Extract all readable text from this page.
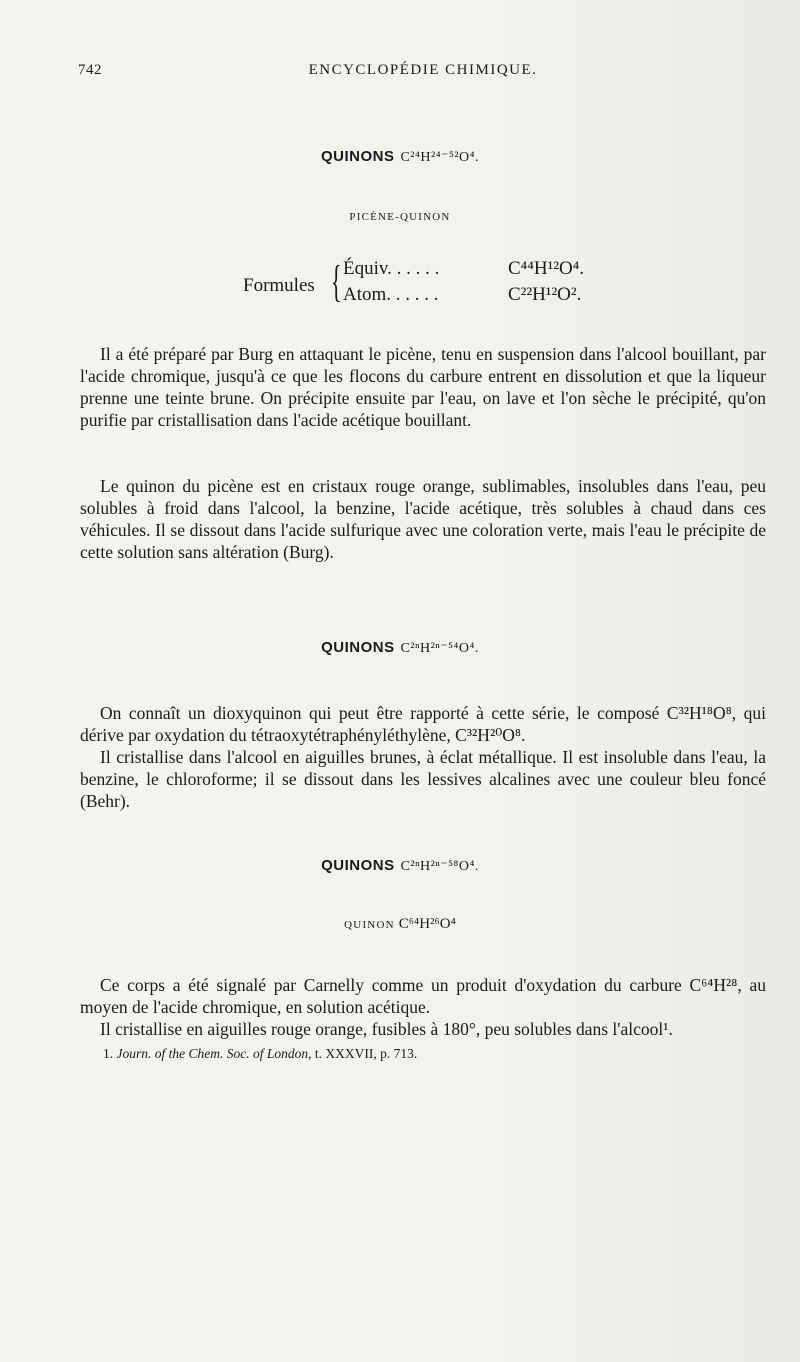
742	ENCYCLOPÉDIE CHIMIQUE.
QUINONS C²⁴H²⁴⁻⁵²O⁴.
PICÈNE-QUINON
Formules { Équiv. . . . . .	C⁴⁴H¹²O⁴.
Atom. . . . . .	C²²H¹²O².

Il a été préparé par Burg en attaquant le picène, tenu en suspension dans l'alcool bouillant, par l'acide chromique, jusqu'à ce que les flocons du carbure entrent en dissolution et que la liqueur prenne une teinte brune. On précipite ensuite par l'eau, on lave et l'on sèche le précipité, qu'on purifie par cristallisation dans l'acide acétique bouillant.

Le quinon du picène est en cristaux rouge orange, sublimables, insolubles dans l'eau, peu solubles à froid dans l'alcool, la benzine, l'acide acétique, très solubles à chaud dans ces véhicules. Il se dissout dans l'acide sulfurique avec une coloration verte, mais l'eau le précipite de cette solution sans altération (Burg).

QUINONS C²ⁿH²ⁿ⁻⁵⁴O⁴.

On connaît un dioxyquinon qui peut être rapporté à cette série, le composé C³²H¹⁸O⁸, qui dérive par oxydation du tétraoxytétraphényléthylène, C³²H²⁰O⁸.

Il cristallise dans l'alcool en aiguilles brunes, à éclat métallique. Il est insoluble dans l'eau, la benzine, le chloroforme; il se dissout dans les lessives alcalines avec une couleur bleu foncé (Behr).

QUINONS C²ⁿH²ⁿ⁻⁵⁸O⁴.
QUINON C⁶⁴H²⁶O⁴

Ce corps a été signalé par Carnelly comme un produit d'oxydation du carbure C⁶⁴H²⁸, au moyen de l'acide chromique, en solution acétique.

Il cristallise en aiguilles rouge orange, fusibles à 180°, peu solubles dans l'alcool¹.

1. Journ. of the Chem. Soc. of London, t. XXXVII, p. 713.
